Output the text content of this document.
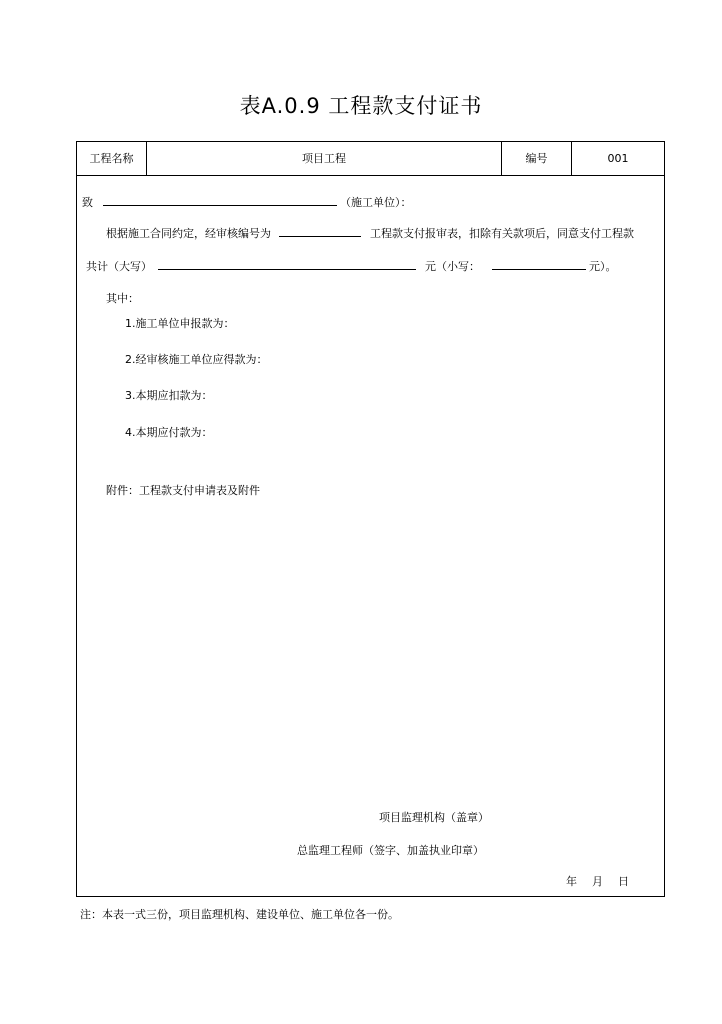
表A.0.9 工程款支付证书
工程名称	项目工程	编号	001
致	（施工单位）：
根据施工合同约定，经审核编号为	工程款支付报审表，扣除有关款项后，同意支付工程款
共计（大写）	元（小写：	元）。
其中：
1.施工单位申报款为：
2.经审核施工单位应得款为：
3.本期应扣款为：
4.本期应付款为：
附件：工程款支付申请表及附件
项目监理机构（盖章）
总监理工程师（签字、加盖执业印章）
年　月　日
注：本表一式三份，项目监理机构、建设单位、施工单位各一份。
